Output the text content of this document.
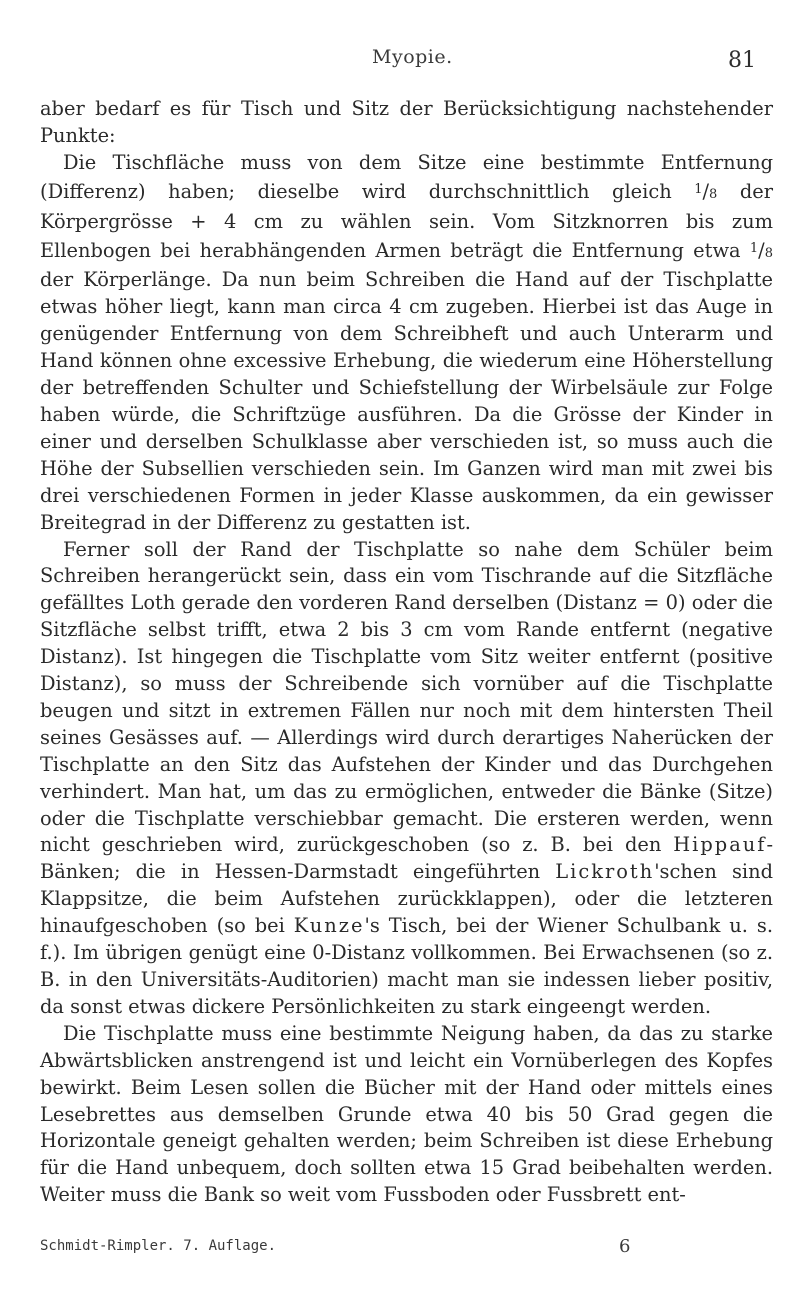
Myopie.	81

aber bedarf es für Tisch und Sitz der Berücksichtigung nachstehender Punkte:

Die Tischfläche muss von dem Sitze eine bestimmte Entfernung (Differenz) haben; dieselbe wird durchschnittlich gleich $^1$/8 der Körpergrösse + 4 cm zu wählen sein. Vom Sitzknorren bis zum Ellenbogen bei herabhängenden Armen beträgt die Entfernung etwa $^1$/8 der Körperlänge. Da nun beim Schreiben die Hand auf der Tischplatte etwas höher liegt, kann man circa 4 cm zugeben. Hierbei ist das Auge in genügender Entfernung von dem Schreibheft und auch Unterarm und Hand können ohne excessive Erhebung, die wiederum eine Höherstellung der betreffenden Schulter und Schiefstellung der Wirbelsäule zur Folge haben würde, die Schriftzüge ausführen. Da die Grösse der Kinder in einer und derselben Schulklasse aber verschieden ist, so muss auch die Höhe der Subsellien verschieden sein. Im Ganzen wird man mit zwei bis drei verschiedenen Formen in jeder Klasse auskommen, da ein gewisser Breitegrad in der Differenz zu gestatten ist.

Ferner soll der Rand der Tischplatte so nahe dem Schüler beim Schreiben herangerückt sein, dass ein vom Tischrande auf die Sitzfläche gefälltes Loth gerade den vorderen Rand derselben (Distanz = 0) oder die Sitzfläche selbst trifft, etwa 2 bis 3 cm vom Rande entfernt (negative Distanz). Ist hingegen die Tischplatte vom Sitz weiter entfernt (positive Distanz), so muss der Schreibende sich vornüber auf die Tischplatte beugen und sitzt in extremen Fällen nur noch mit dem hintersten Theil seines Gesässes auf. — Allerdings wird durch derartiges Naherücken der Tischplatte an den Sitz das Aufstehen der Kinder und das Durchgehen verhindert. Man hat, um das zu ermöglichen, entweder die Bänke (Sitze) oder die Tischplatte verschiebbar gemacht. Die ersteren werden, wenn nicht geschrieben wird, zurückgeschoben (so z. B. bei den Hippauf-Bänken; die in Hessen-Darmstadt eingeführten Lickroth'schen sind Klappsitze, die beim Aufstehen zurückklappen), oder die letzteren hinaufgeschoben (so bei Kunze's Tisch, bei der Wiener Schulbank u. s. f.). Im übrigen genügt eine 0-Distanz vollkommen. Bei Erwachsenen (so z. B. in den Universitäts-Auditorien) macht man sie indessen lieber positiv, da sonst etwas dickere Persönlichkeiten zu stark eingeengt werden.

Die Tischplatte muss eine bestimmte Neigung haben, da das zu starke Abwärtsblicken anstrengend ist und leicht ein Vornüberlegen des Kopfes bewirkt. Beim Lesen sollen die Bücher mit der Hand oder mittels eines Lesebrettes aus demselben Grunde etwa 40 bis 50 Grad gegen die Horizontale geneigt gehalten werden; beim Schreiben ist diese Erhebung für die Hand unbequem, doch sollten etwa 15 Grad beibehalten werden. Weiter muss die Bank so weit vom Fussboden oder Fussbrett ent-

Schmidt-Rimpler. 7. Auflage.	6
